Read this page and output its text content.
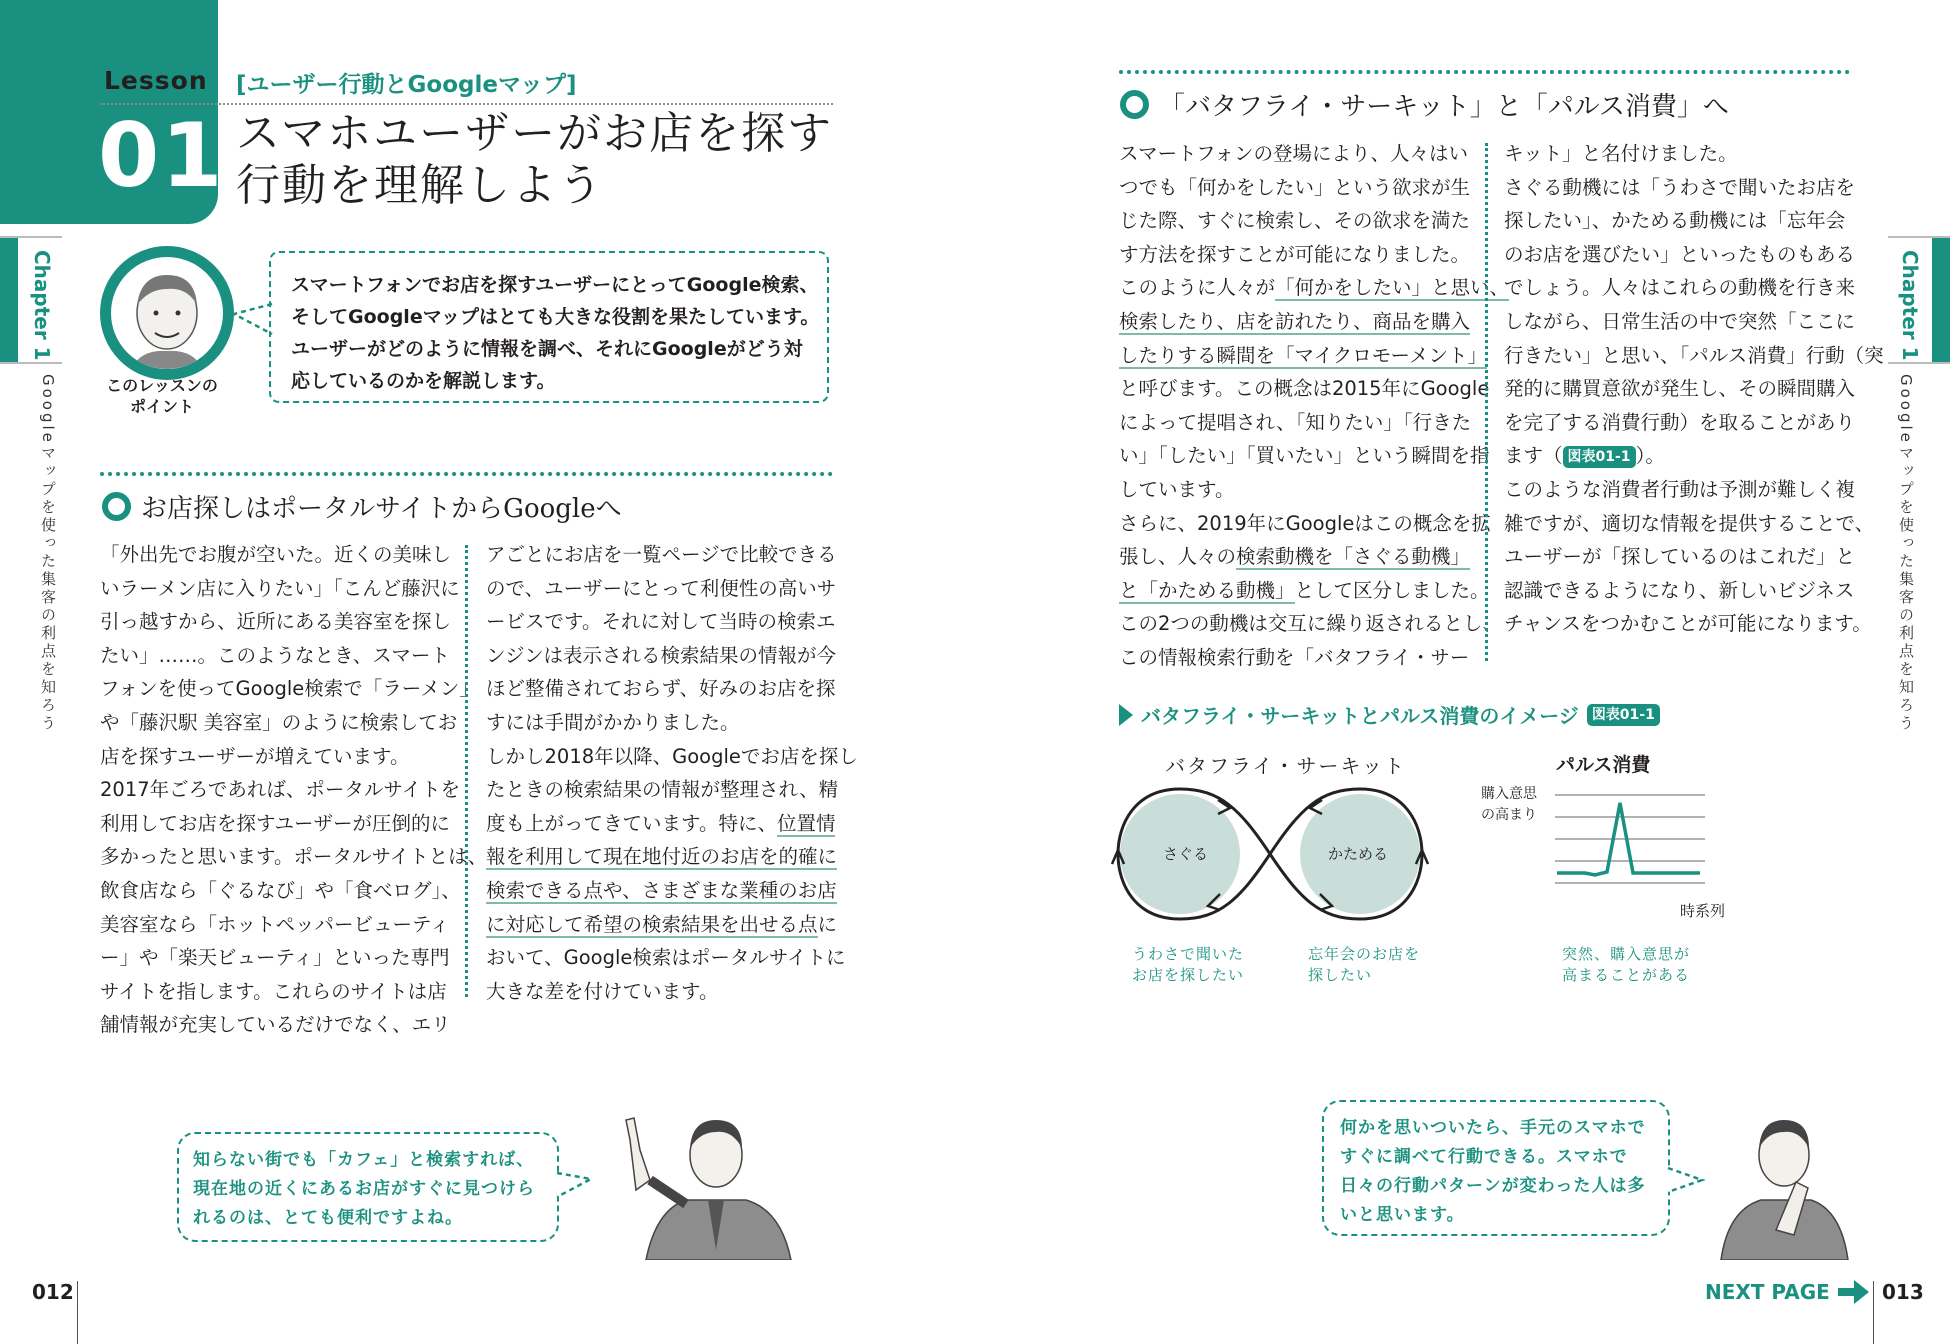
Lesson [ユーザー行動とGoogleマップ]
01 スマホユーザーがお店を探す
行動を理解しよう
Chapter 1
Googleマップを使った集客の利点を知ろう	このレッスンの
ポイント
スマートフォンでお店を探すユーザーにとってGoogle検索、
そしてGoogleマップはとても大きな役割を果たしています。
ユーザーがどのように情報を調べ、それにGoogleがどう対
応しているのかを解説します。
お店探しはポータルサイトからGoogleへ
「外出先でお腹が空いた。近くの美味し
いラーメン店に入りたい」「こんど藤沢に
引っ越すから、近所にある美容室を探し
たい」……。このようなとき、スマート
フォンを使ってGoogle検索で「ラーメン」
や「藤沢駅 美容室」のように検索してお
店を探すユーザーが増えています。
2017年ごろであれば、ポータルサイトを
利用してお店を探すユーザーが圧倒的に
多かったと思います。ポータルサイトとは、
飲食店なら「ぐるなび」や「食べログ」、
美容室なら「ホットペッパービューティ
ー」や「楽天ビューティ」といった専門
サイトを指します。これらのサイトは店
舗情報が充実しているだけでなく、エリ
アごとにお店を一覧ページで比較できる
ので、ユーザーにとって利便性の高いサ
ービスです。それに対して当時の検索エ
ンジンは表示される検索結果の情報が今
ほど整備されておらず、好みのお店を探
すには手間がかかりました。
しかし2018年以降、Googleでお店を探し
たときの検索結果の情報が整理され、精
度も上がってきています。特に、位置情
報を利用して現在地付近のお店を的確に
検索できる点や、さまざまな業種のお店
に対応して希望の検索結果を出せる点に
おいて、Google検索はポータルサイトに
大きな差を付けています。
知らない街でも「カフェ」と検索すれば、
現在地の近くにあるお店がすぐに見つけら
れるのは、とても便利ですよね。
012
「バタフライ・サーキット」と「パルス消費」へ
スマートフォンの登場により、人々はい
つでも「何かをしたい」という欲求が生
じた際、すぐに検索し、その欲求を満た
す方法を探すことが可能になりました。
このように人々が「何かをしたい」と思い、
検索したり、店を訪れたり、商品を購入
したりする瞬間を「マイクロモーメント」
と呼びます。この概念は2015年にGoogle
によって提唱され、「知りたい」「行きた
い」「したい」「買いたい」という瞬間を指
しています。
さらに、2019年にGoogleはこの概念を拡
張し、人々の検索動機を「さぐる動機」
と「かためる動機」として区分しました。
この2つの動機は交互に繰り返されるとし、
この情報検索行動を「バタフライ・サー
キット」と名付けました。
さぐる動機には「うわさで聞いたお店を
探したい」、かためる動機には「忘年会
のお店を選びたい」といったものもある
でしょう。人々はこれらの動機を行き来
しながら、日常生活の中で突然「ここに
行きたい」と思い、「パルス消費」行動（突
発的に購買意欲が発生し、その瞬間購入
を完了する消費行動）を取ることがあり
ます（ 図表01-1 ）。
このような消費者行動は予測が難しく複
雑ですが、適切な情報を提供することで、
ユーザーが「探しているのはこれだ」と
認識できるようになり、新しいビジネス
チャンスをつかむことが可能になります。
Chapter 1
Googleマップを使った集客の利点を知ろう
バタフライ・サーキットとパルス消費のイメージ 図表01-1
バタフライ・サーキット
さぐる	かためる
パルス消費
購入意思
の高まり
時系列
うわさで聞いた
お店を探したい
忘年会のお店を
探したい
突然、購入意思が
高まることがある
何かを思いついたら、手元のスマホで
すぐに調べて行動できる。スマホで
日々の行動パターンが変わった人は多
いと思います。
NEXT PAGE	013
